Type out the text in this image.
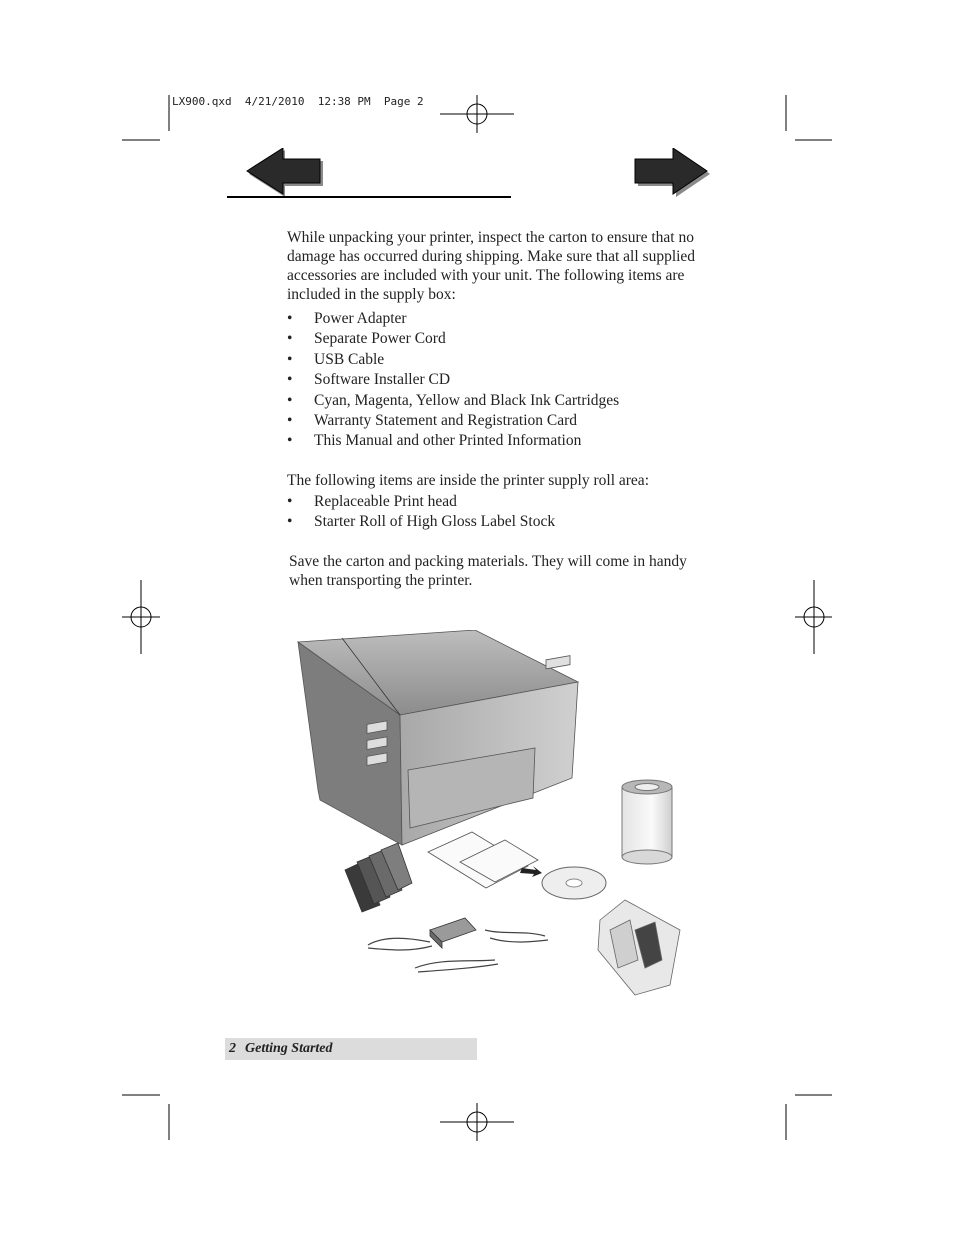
LX900.qxd  4/21/2010  12:38 PM  Page 2
While unpacking your printer, inspect the carton to ensure that no damage has occurred during shipping. Make sure that all supplied accessories are included with your unit. The following items are included in the supply box:
• Power Adapter
• Separate Power Cord
• USB Cable
• Software Installer CD
• Cyan, Magenta, Yellow and Black Ink Cartridges
• Warranty Statement and Registration Card
• This Manual and other Printed Information
The following items are inside the printer supply roll area:
• Replaceable Print head
• Starter Roll of High Gloss Label Stock
Save the carton and packing materials. They will come in handy when transporting the printer.
2 Getting Started
